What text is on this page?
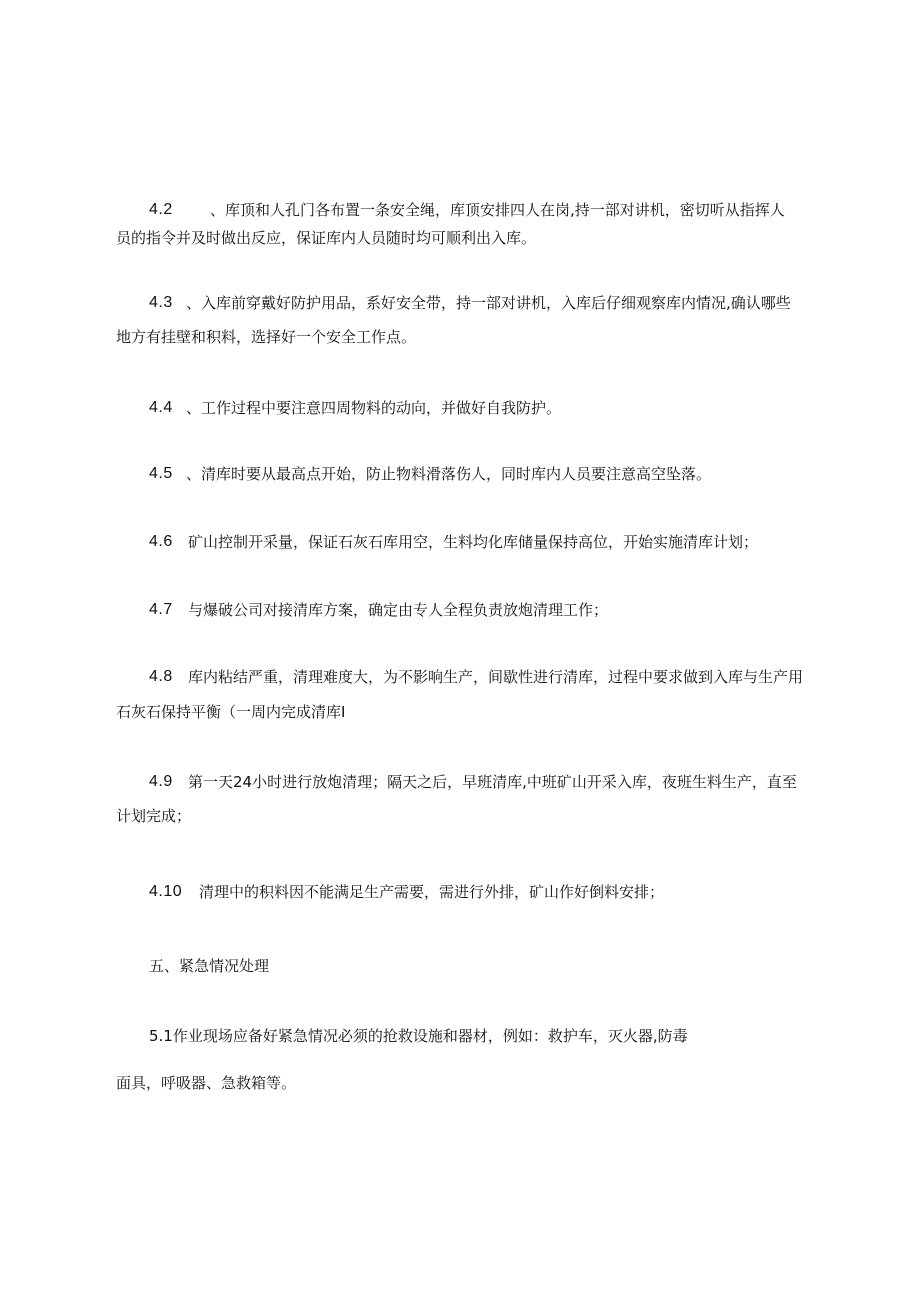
4.2 、库顶和人孔门各布置一条安全绳，库顶安排四人在岗,持一部对讲机，密切听从指挥人
员的指令并及时做出反应，保证库内人员随时均可顺利出入库。
4.3 、入库前穿戴好防护用品，系好安全带，持一部对讲机，入库后仔细观察库内情况,确认哪些
地方有挂壁和积料，选择好一个安全工作点。
4.4 、工作过程中要注意四周物料的动向，并做好自我防护。
4.5 、清库时要从最高点开始，防止物料滑落伤人，同时库内人员要注意高空坠落。
4.6 矿山控制开采量，保证石灰石库用空，生料均化库储量保持高位，开始实施清库计划；
4.7 与爆破公司对接清库方案，确定由专人全程负责放炮清理工作；
4.8 库内粘结严重，清理难度大，为不影响生产，间歇性进行清库，过程中要求做到入库与生产用
石灰石保持平衡（一周内完成清库I
4.9 第一天24小时进行放炮清理；隔天之后，早班清库,中班矿山开采入库，夜班生料生产，直至
计划完成；
4.10 清理中的积料因不能满足生产需要，需进行外排，矿山作好倒料安排；
五、紧急情况处理
5.1作业现场应备好紧急情况必须的抢救设施和器材，例如：救护车，灭火器,防毒
面具，呼吸器、急救箱等。
